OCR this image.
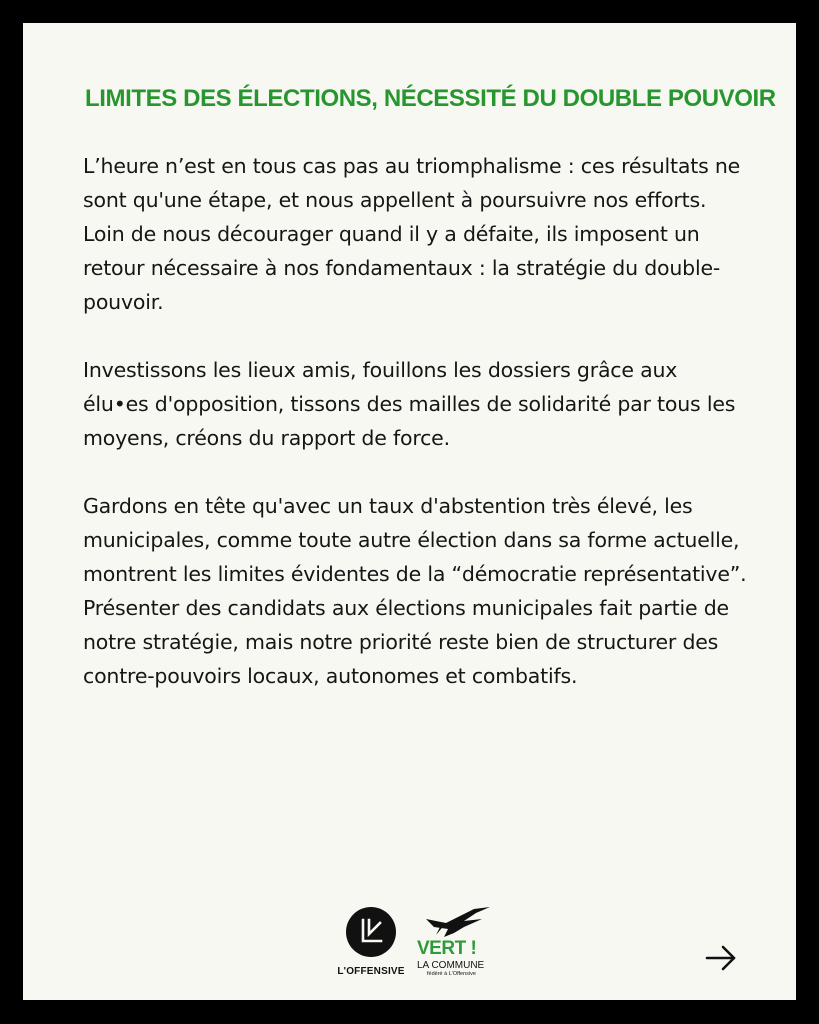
LIMITES DES ÉLECTIONS, NÉCESSITÉ DU DOUBLE POUVOIR

L’heure n’est en tous cas pas au triomphalisme : ces résultats ne sont qu'une étape, et nous appellent à poursuivre nos efforts. Loin de nous décourager quand il y a défaite, ils imposent un retour nécessaire à nos fondamentaux : la stratégie du double-pouvoir.

Investissons les lieux amis, fouillons les dossiers grâce aux élu•es d'opposition, tissons des mailles de solidarité par tous les moyens, créons du rapport de force.

Gardons en tête qu'avec un taux d'abstention très élevé, les municipales, comme toute autre élection dans sa forme actuelle, montrent les limites évidentes de la “démocratie représentative”. Présenter des candidats aux élections municipales fait partie de notre stratégie, mais notre priorité reste bien de structurer des contre-pouvoirs locaux, autonomes et combatifs.

L'OFFENSIVE
VERT !
LA COMMUNE
fédéré à L'Offensive
